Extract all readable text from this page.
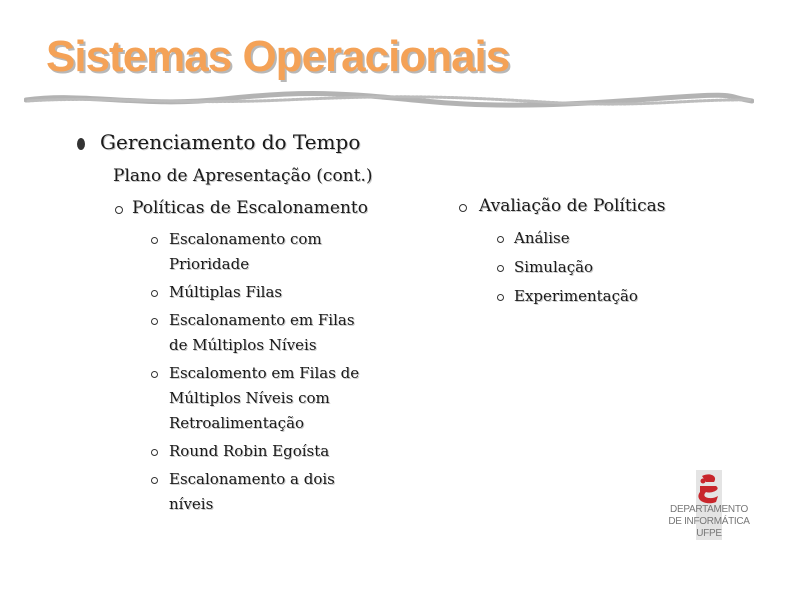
Sistemas Operacionais
Gerenciamento do Tempo
Plano de Apresentação (cont.)
Políticas de Escalonamento
Escalonamento com
Prioridade
Múltiplas Filas
Escalonamento em Filas
de Múltiplos Níveis
Escalomento em Filas de
Múltiplos Níveis com
Retroalimentação
Round Robin Egoísta
Escalonamento a dois
níveis
Avaliação de Políticas
Análise
Simulação
Experimentação
DEPARTAMENTO
DE INFORMÁTICA
UFPE
